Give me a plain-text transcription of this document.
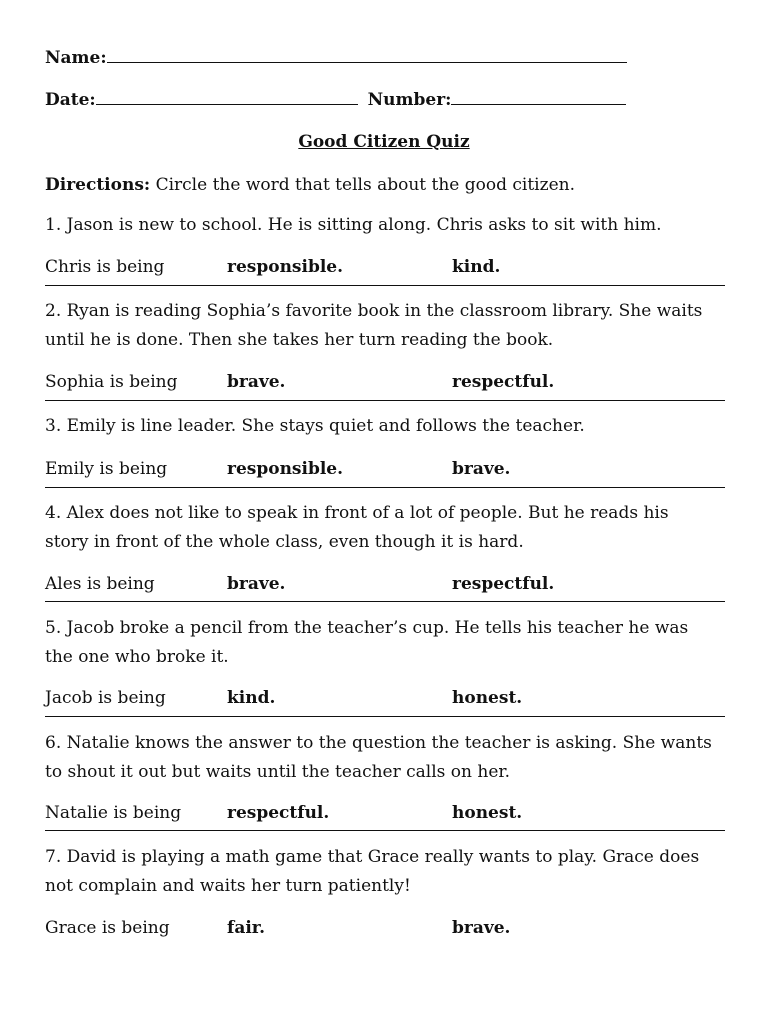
Name:
Date:	Number:
Good Citizen Quiz
Directions: Circle the word that tells about the good citizen.
1. Jason is new to school. He is sitting along. Chris asks to sit with him.
Chris is being	responsible.	kind.
2. Ryan is reading Sophia’s favorite book in the classroom library. She waits until he is done. Then she takes her turn reading the book.
Sophia is being	brave.	respectful.
3. Emily is line leader. She stays quiet and follows the teacher.
Emily is being	responsible.	brave.
4. Alex does not like to speak in front of a lot of people. But he reads his story in front of the whole class, even though it is hard.
Ales is being	brave.	respectful.
5. Jacob broke a pencil from the teacher’s cup. He tells his teacher he was the one who broke it.
Jacob is being	kind.	honest.
6. Natalie knows the answer to the question the teacher is asking. She wants to shout it out but waits until the teacher calls on her.
Natalie is being	respectful.	honest.
7. David is playing a math game that Grace really wants to play. Grace does not complain and waits her turn patiently!
Grace is being	fair.	brave.
